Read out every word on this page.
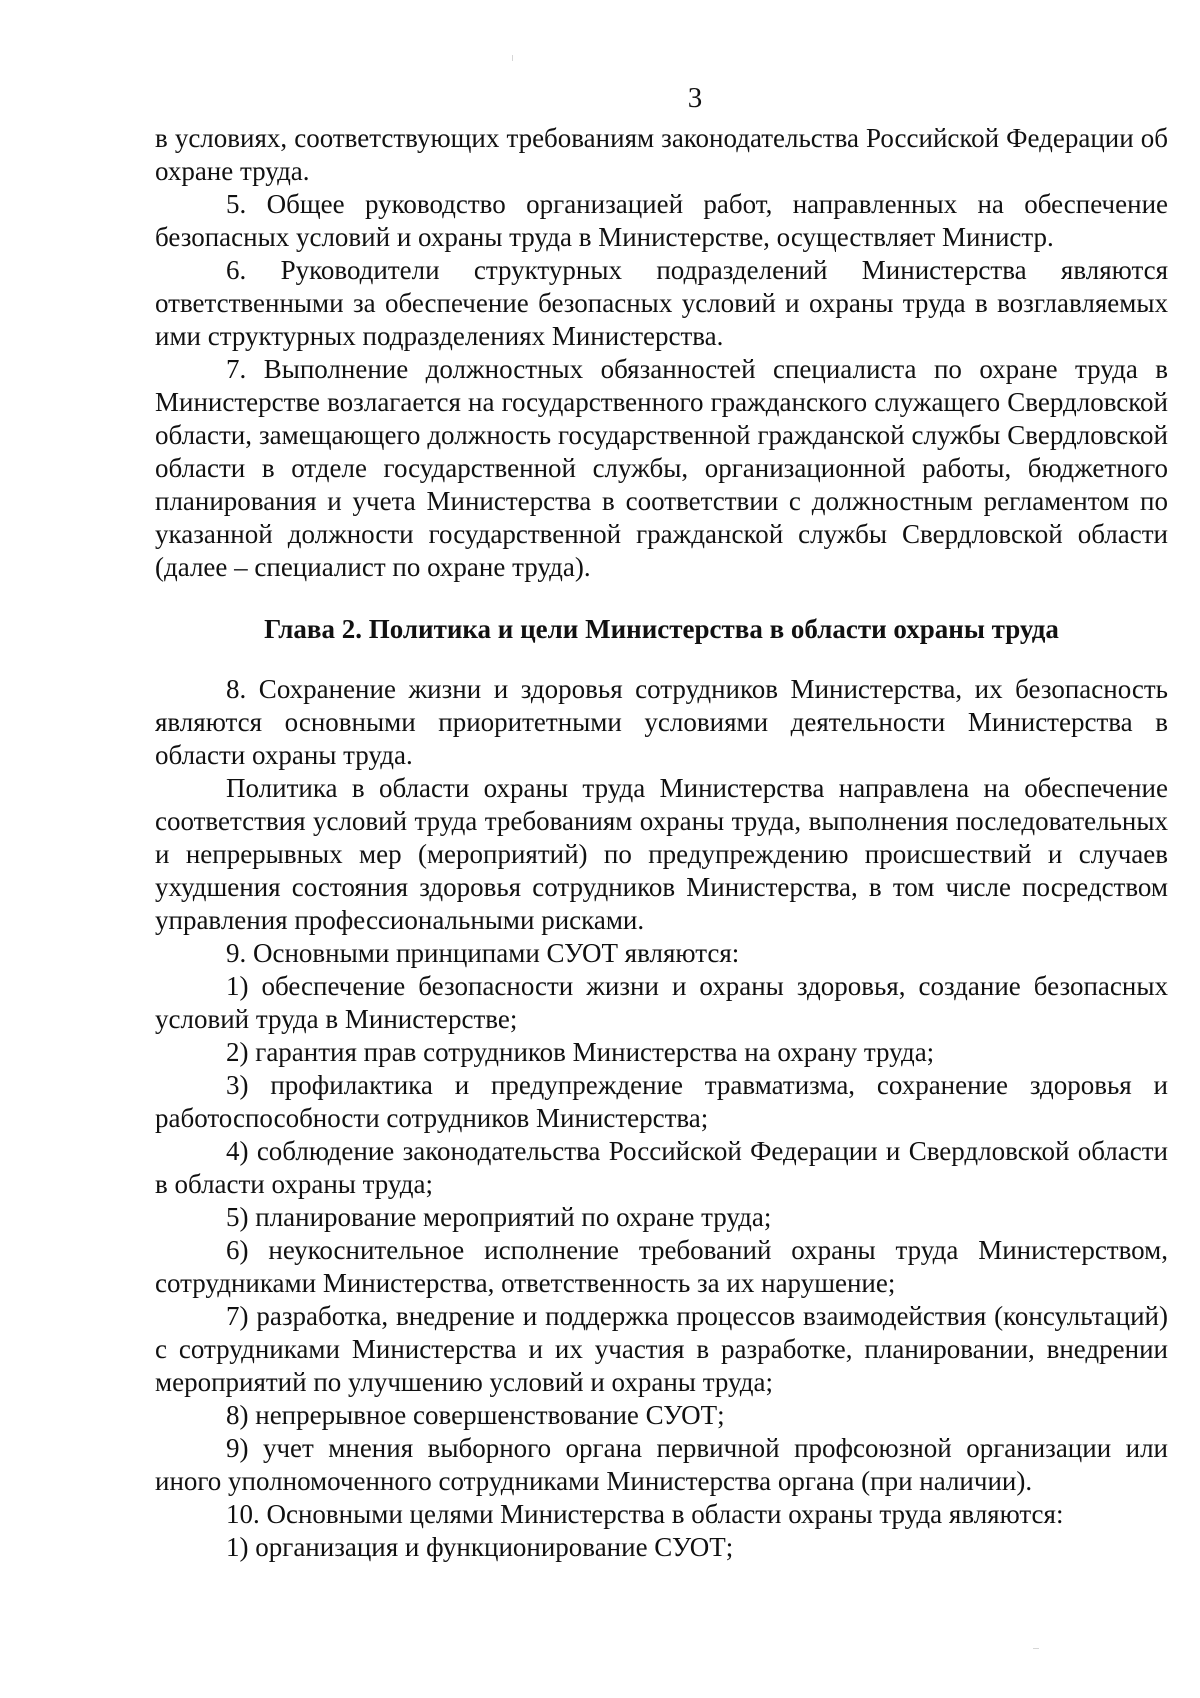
3

в условиях, соответствующих требованиям законодательства Российской Федерации об охране труда.

5. Общее руководство организацией работ, направленных на обеспечение безопасных условий и охраны труда в Министерстве, осуществляет Министр.

6. Руководители структурных подразделений Министерства являются ответственными за обеспечение безопасных условий и охраны труда в возглавляемых ими структурных подразделениях Министерства.

7. Выполнение должностных обязанностей специалиста по охране труда в Министерстве возлагается на государственного гражданского служащего Свердловской области, замещающего должность государственной гражданской службы Свердловской области в отделе государственной службы, организационной работы, бюджетного планирования и учета Министерства в соответствии с должностным регламентом по указанной должности государственной гражданской службы Свердловской области (далее – специалист по охране труда).

Глава 2. Политика и цели Министерства в области охраны труда

8. Сохранение жизни и здоровья сотрудников Министерства, их безопасность являются основными приоритетными условиями деятельности Министерства в области охраны труда.

Политика в области охраны труда Министерства направлена на обеспечение соответствия условий труда требованиям охраны труда, выполнения последовательных и непрерывных мер (мероприятий) по предупреждению происшествий и случаев ухудшения состояния здоровья сотрудников Министерства, в том числе посредством управления профессиональными рисками.

9. Основными принципами СУОТ являются:

1) обеспечение безопасности жизни и охраны здоровья, создание безопасных условий труда в Министерстве;

2) гарантия прав сотрудников Министерства на охрану труда;

3) профилактика и предупреждение травматизма, сохранение здоровья и работоспособности сотрудников Министерства;

4) соблюдение законодательства Российской Федерации и Свердловской области в области охраны труда;

5) планирование мероприятий по охране труда;

6) неукоснительное исполнение требований охраны труда Министерством, сотрудниками Министерства, ответственность за их нарушение;

7) разработка, внедрение и поддержка процессов взаимодействия (консультаций) с сотрудниками Министерства и их участия в разработке, планировании, внедрении мероприятий по улучшению условий и охраны труда;

8) непрерывное совершенствование СУОТ;

9) учет мнения выборного органа первичной профсоюзной организации или иного уполномоченного сотрудниками Министерства органа (при наличии).

10. Основными целями Министерства в области охраны труда являются:

1) организация и функционирование СУОТ;
